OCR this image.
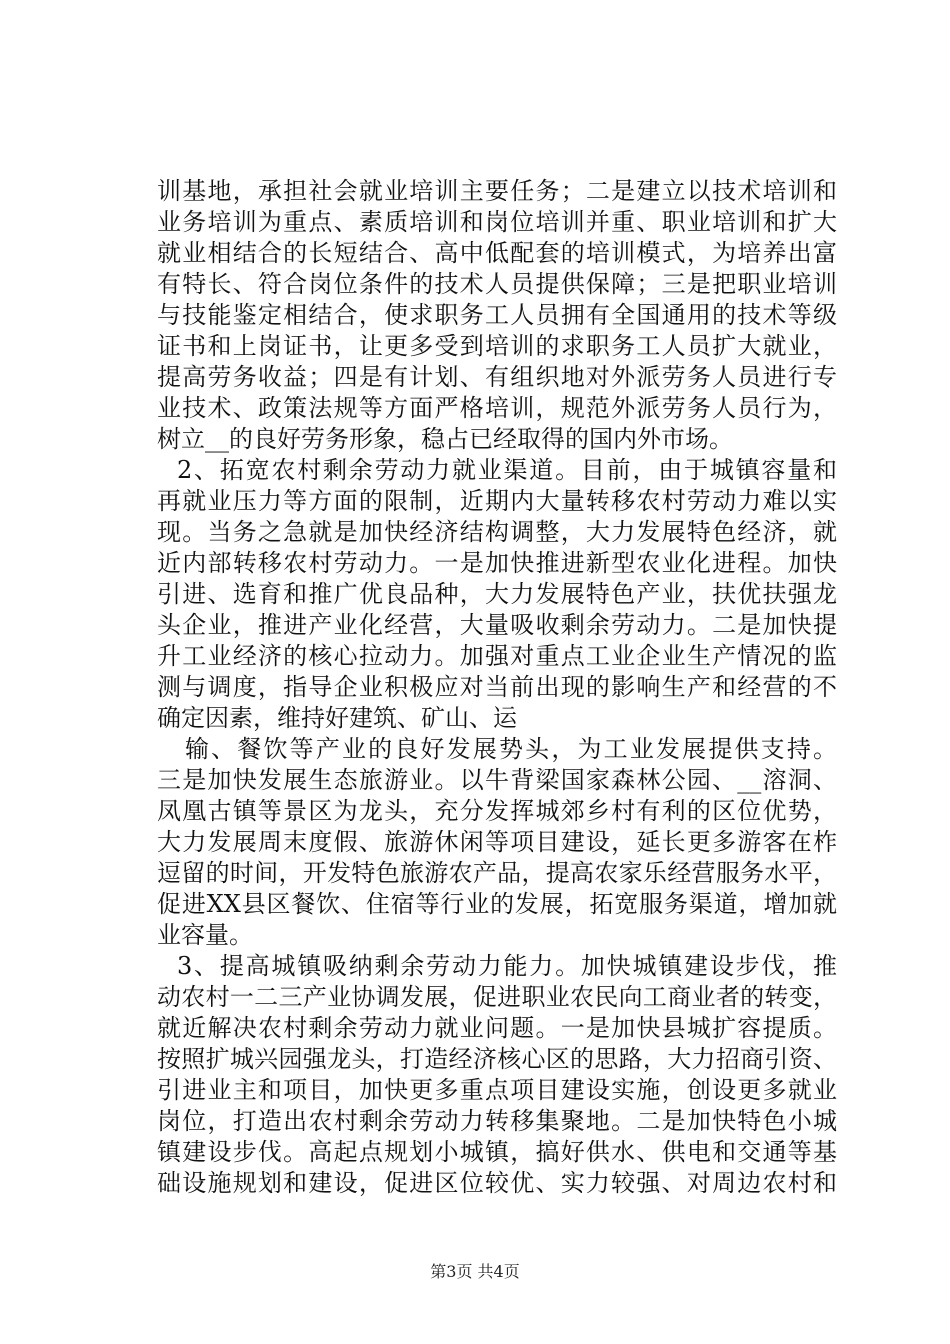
训基地，承担社会就业培训主要任务；二是建立以技术培训和
业务培训为重点、素质培训和岗位培训并重、职业培训和扩大
就业相结合的长短结合、高中低配套的培训模式，为培养出富
有特长、符合岗位条件的技术人员提供保障；三是把职业培训
与技能鉴定相结合，使求职务工人员拥有全国通用的技术等级
证书和上岗证书，让更多受到培训的求职务工人员扩大就业，
提高劳务收益；四是有计划、有组织地对外派劳务人员进行专
业技术、政策法规等方面严格培训，规范外派劳务人员行为，
树立__的良好劳务形象，稳占已经取得的国内外市场。
2、拓宽农村剩余劳动力就业渠道。目前，由于城镇容量和
再就业压力等方面的限制，近期内大量转移农村劳动力难以实
现。当务之急就是加快经济结构调整，大力发展特色经济，就
近内部转移农村劳动力。一是加快推进新型农业化进程。加快
引进、选育和推广优良品种，大力发展特色产业，扶优扶强龙
头企业，推进产业化经营，大量吸收剩余劳动力。二是加快提
升工业经济的核心拉动力。加强对重点工业企业生产情况的监
测与调度，指导企业积极应对当前出现的影响生产和经营的不
确定因素，维持好建筑、矿山、运
输、餐饮等产业的良好发展势头，为工业发展提供支持。
三是加快发展生态旅游业。以牛背梁国家森林公园、__溶洞、
凤凰古镇等景区为龙头，充分发挥城郊乡村有利的区位优势，
大力发展周末度假、旅游休闲等项目建设，延长更多游客在柞
逗留的时间，开发特色旅游农产品，提高农家乐经营服务水平，
促进XX县区餐饮、住宿等行业的发展，拓宽服务渠道，增加就
业容量。
3、提高城镇吸纳剩余劳动力能力。加快城镇建设步伐，推
动农村一二三产业协调发展，促进职业农民向工商业者的转变，
就近解决农村剩余劳动力就业问题。一是加快县城扩容提质。
按照扩城兴园强龙头，打造经济核心区的思路，大力招商引资、
引进业主和项目，加快更多重点项目建设实施，创设更多就业
岗位，打造出农村剩余劳动力转移集聚地。二是加快特色小城
镇建设步伐。高起点规划小城镇，搞好供水、供电和交通等基
础设施规划和建设，促进区位较优、实力较强、对周边农村和
第3页 共4页
